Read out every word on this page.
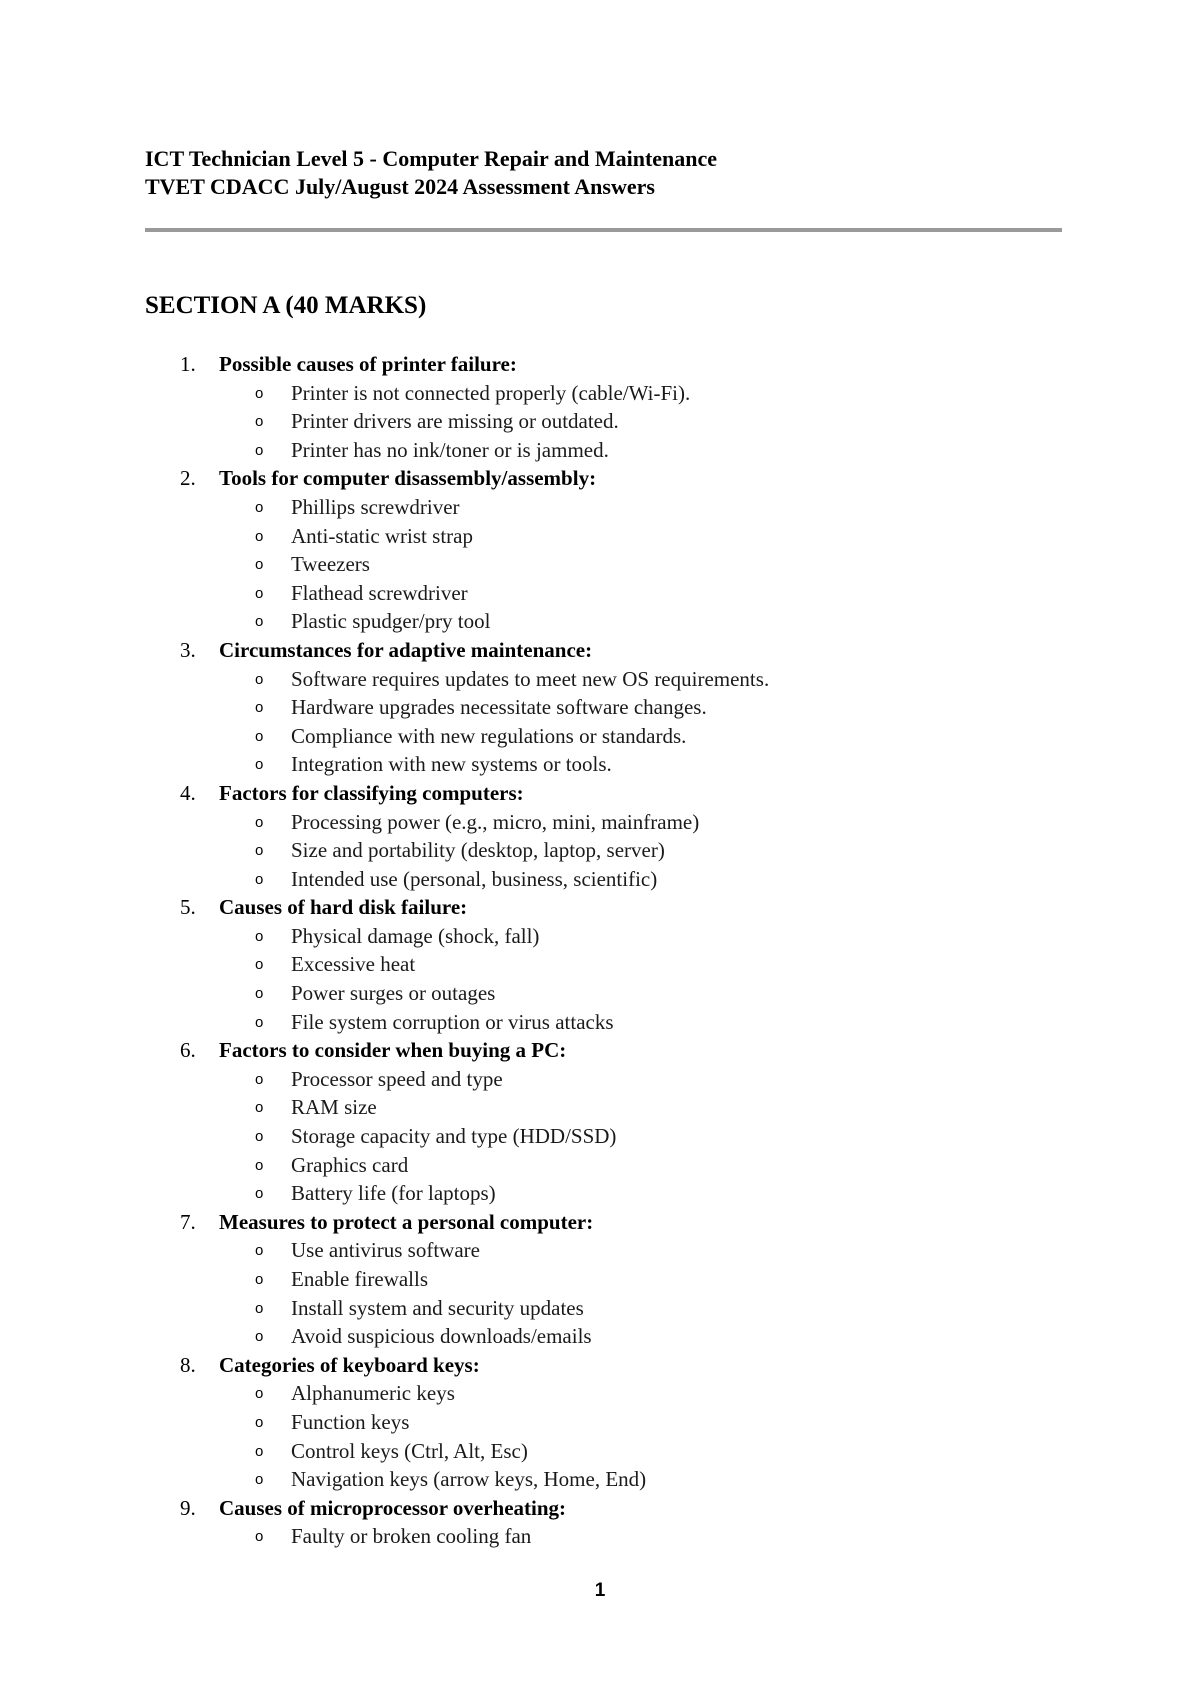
ICT Technician Level 5 - Computer Repair and Maintenance
TVET CDACC July/August 2024 Assessment Answers
SECTION A (40 MARKS)
1.	Possible causes of printer failure:
o Printer is not connected properly (cable/Wi-Fi).
o Printer drivers are missing or outdated.
o Printer has no ink/toner or is jammed.
2.	Tools for computer disassembly/assembly:
o Phillips screwdriver
o Anti-static wrist strap
o Tweezers
o Flathead screwdriver
o Plastic spudger/pry tool
3.	Circumstances for adaptive maintenance:
o Software requires updates to meet new OS requirements.
o Hardware upgrades necessitate software changes.
o Compliance with new regulations or standards.
o Integration with new systems or tools.
4.	Factors for classifying computers:
o Processing power (e.g., micro, mini, mainframe)
o Size and portability (desktop, laptop, server)
o Intended use (personal, business, scientific)
5.	Causes of hard disk failure:
o Physical damage (shock, fall)
o Excessive heat
o Power surges or outages
o File system corruption or virus attacks
6.	Factors to consider when buying a PC:
o Processor speed and type
o RAM size
o Storage capacity and type (HDD/SSD)
o Graphics card
o Battery life (for laptops)
7.	Measures to protect a personal computer:
o Use antivirus software
o Enable firewalls
o Install system and security updates
o Avoid suspicious downloads/emails
8.	Categories of keyboard keys:
o Alphanumeric keys
o Function keys
o Control keys (Ctrl, Alt, Esc)
o Navigation keys (arrow keys, Home, End)
9.	Causes of microprocessor overheating:
o Faulty or broken cooling fan
1
